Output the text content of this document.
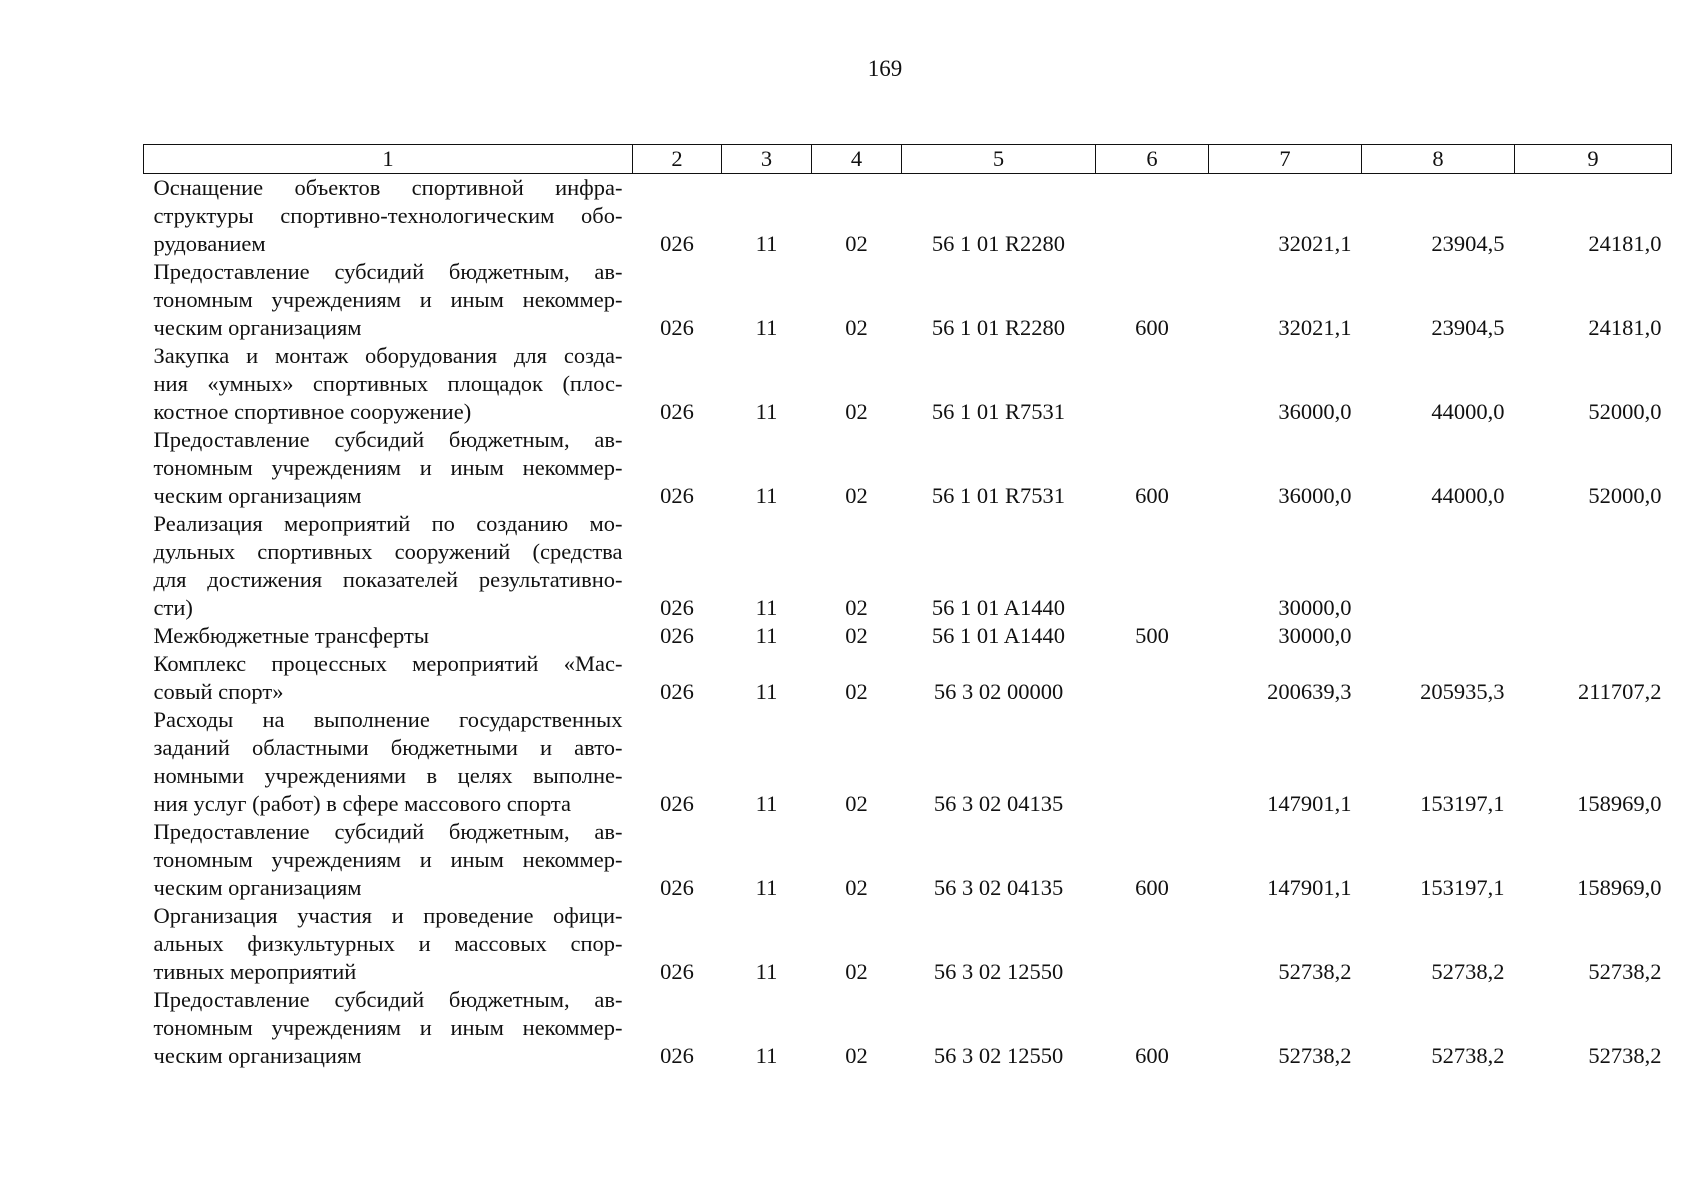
169
1	2	3	4	5	6	7	8	9

Оснащение объектов спортивной инфра-
структуры спортивно-технологическим обо-
рудованием	026	11	02	56 1 01 R2280		32021,1	23904,5	24181,0

Предоставление субсидий бюджетным, ав-
тономным учреждениям и иным некоммер-
ческим организациям	026	11	02	56 1 01 R2280	600	32021,1	23904,5	24181,0

Закупка и монтаж оборудования для созда-
ния «умных» спортивных площадок (плос-
костное спортивное сооружение)	026	11	02	56 1 01 R7531		36000,0	44000,0	52000,0

Предоставление субсидий бюджетным, ав-
тономным учреждениям и иным некоммер-
ческим организациям	026	11	02	56 1 01 R7531	600	36000,0	44000,0	52000,0

Реализация мероприятий по созданию мо-
дульных спортивных сооружений (средства
для достижения показателей результативно-
сти)	026	11	02	56 1 01 A1440		30000,0		

Межбюджетные трансферты	026	11	02	56 1 01 A1440	500	30000,0		

Комплекс процессных мероприятий «Мас-
совый спорт»	026	11	02	56 3 02 00000		200639,3	205935,3	211707,2

Расходы на выполнение государственных
заданий областными бюджетными и авто-
номными учреждениями в целях выполне-
ния услуг (работ) в сфере массового спорта	026	11	02	56 3 02 04135		147901,1	153197,1	158969,0

Предоставление субсидий бюджетным, ав-
тономным учреждениям и иным некоммер-
ческим организациям	026	11	02	56 3 02 04135	600	147901,1	153197,1	158969,0

Организация участия и проведение офици-
альных физкультурных и массовых спор-
тивных мероприятий	026	11	02	56 3 02 12550		52738,2	52738,2	52738,2

Предоставление субсидий бюджетным, ав-
тономным учреждениям и иным некоммер-
ческим организациям	026	11	02	56 3 02 12550	600	52738,2	52738,2	52738,2
